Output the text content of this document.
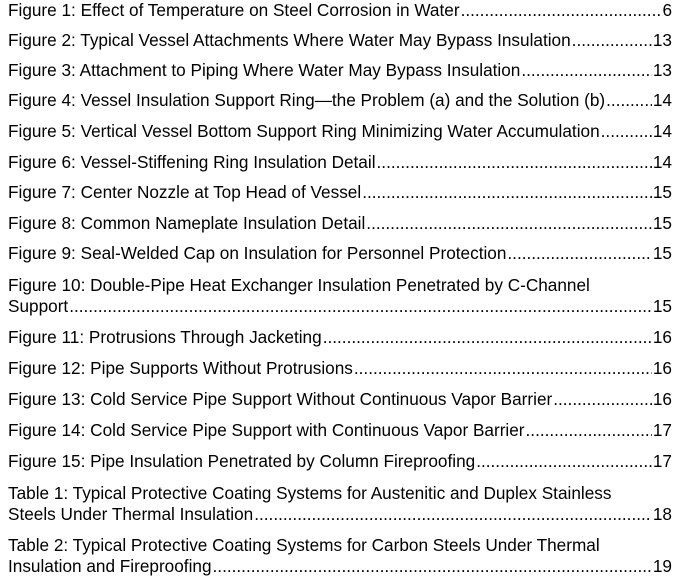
Figure 1: Effect of Temperature on Steel Corrosion in Water .....	6
Figure 2: Typical Vessel Attachments Where Water May Bypass Insulation .....	13
Figure 3: Attachment to Piping Where Water May Bypass Insulation .....	13
Figure 4: Vessel Insulation Support Ring—the Problem (a) and the Solution (b) .....	14
Figure 5: Vertical Vessel Bottom Support Ring Minimizing Water Accumulation .....	14
Figure 6: Vessel-Stiffening Ring Insulation Detail .....	14
Figure 7: Center Nozzle at Top Head of Vessel .....	15
Figure 8: Common Nameplate Insulation Detail .....	15
Figure 9: Seal-Welded Cap on Insulation for Personnel Protection .....	15
Figure 10: Double-Pipe Heat Exchanger Insulation Penetrated by C-Channel
Support .....	15
Figure 11: Protrusions Through Jacketing .....	16
Figure 12: Pipe Supports Without Protrusions .....	16
Figure 13: Cold Service Pipe Support Without Continuous Vapor Barrier .....	16
Figure 14: Cold Service Pipe Support with Continuous Vapor Barrier .....	17
Figure 15: Pipe Insulation Penetrated by Column Fireproofing .....	17
Table 1: Typical Protective Coating Systems for Austenitic and Duplex Stainless
Steels Under Thermal Insulation .....	18
Table 2: Typical Protective Coating Systems for Carbon Steels Under Thermal
Insulation and Fireproofing .....	19
